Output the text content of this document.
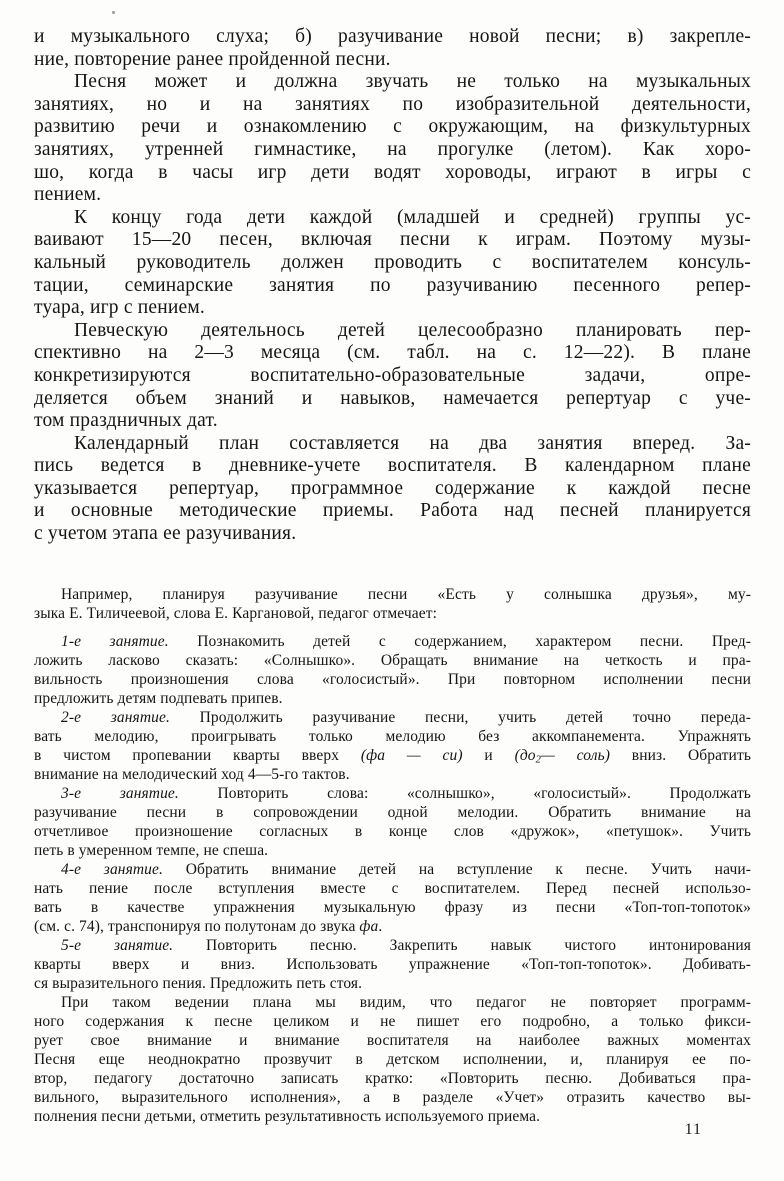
и музыкального слуха; б) разучивание новой песни; в) закрепле-
ние, повторение ранее пройденной песни.
Песня может и должна звучать не только на музыкальных
занятиях, но и на занятиях по изобразительной деятельности,
развитию речи и ознакомлению с окружающим, на физкультурных
занятиях, утренней гимнастике, на прогулке (летом). Как хоро-
шо, когда в часы игр дети водят хороводы, играют в игры с
пением.
К концу года дети каждой (младшей и средней) группы ус-
ваивают 15—20 песен, включая песни к играм. Поэтому музы-
кальный руководитель должен проводить с воспитателем консуль-
тации, семинарские занятия по разучиванию песенного репер-
туара, игр с пением.
Певческую деятельнось детей целесообразно планировать пер-
спективно на 2—3 месяца (см. табл. на с. 12—22). В плане
конкретизируются воспитательно-образовательные задачи, опре-
деляется объем знаний и навыков, намечается репертуар с уче-
том праздничных дат.
Календарный план составляется на два занятия вперед. За-
пись ведется в дневнике-учете воспитателя. В календарном плане
указывается репертуар, программное содержание к каждой песне
и основные методические приемы. Работа над песней планируется
с учетом этапа ее разучивания.
Например, планируя разучивание песни «Есть у солнышка друзья», му-
зыка Е. Тиличеевой, слова Е. Каргановой, педагог отмечает:
1-е занятие. Познакомить детей с содержанием, характером песни. Пред-
ложить ласково сказать: «Солнышко». Обращать внимание на четкость и пра-
вильность произношения слова «голосистый». При повторном исполнении песни
предложить детям подпевать припев.
2-е занятие. Продолжить разучивание песни, учить детей точно переда-
вать мелодию, проигрывать только мелодию без аккомпанемента. Упражнять
в чистом пропевании кварты вверх (фа — си) и ($до_2—$ соль) вниз. Обратить
внимание на мелодический ход 4—5-го тактов.
3-е занятие. Повторить слова: «солнышко», «голосистый». Продолжать
разучивание песни в сопровождении одной мелодии. Обратить внимание на
отчетливое произношение согласных в конце слов «дружок», «петушок». Учить
петь в умеренном темпе, не спеша.
4-е занятие. Обратить внимание детей на вступление к песне. Учить начи-
нать пение после вступления вместе с воспитателем. Перед песней использо-
вать в качестве упражнения музыкальную фразу из песни «Топ-топ-топоток»
(см. с. 74), транспонируя по полутонам до звука фа.
5-е занятие. Повторить песню. Закрепить навык чистого интонирования
кварты вверх и вниз. Использовать упражнение «Топ-топ-топоток». Добивать-
ся выразительного пения. Предложить петь стоя.
При таком ведении плана мы видим, что педагог не повторяет программ-
ного содержания к песне целиком и не пишет его подробно, а только фикси-
рует свое внимание и внимание воспитателя на наиболее важных моментах
Песня еще неоднократно прозвучит в детском исполнении, и, планируя ее по-
втор, педагогу достаточно записать кратко: «Повторить песню. Добиваться пра-
вильного, выразительного исполнения», а в разделе «Учет» отразить качество вы-
полнения песни детьми, отметить результативность используемого приема.
11
